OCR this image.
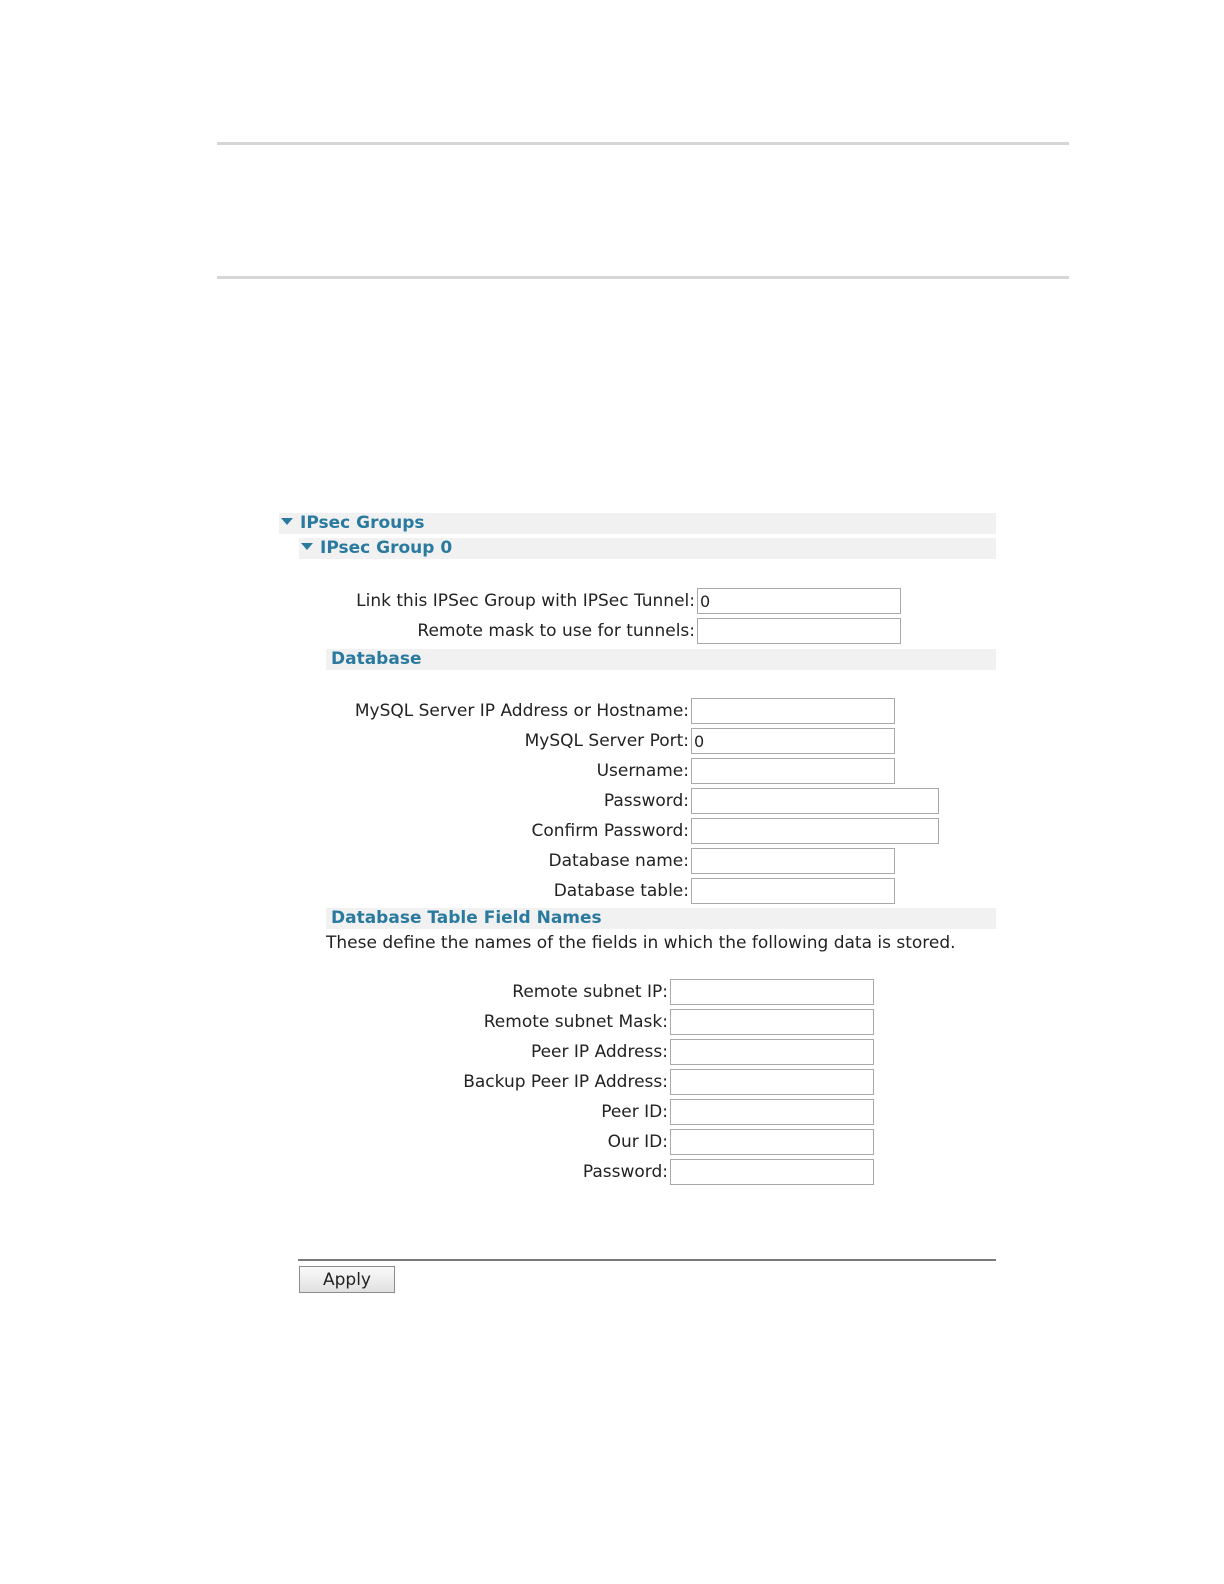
IPsec Groups
IPsec Group 0
Link this IPSec Group with IPSec Tunnel:
0
Remote mask to use for tunnels:
Database
MySQL Server IP Address or Hostname:
MySQL Server Port:
0
Username:
Password:
Confirm Password:
Database name:
Database table:
Database Table Field Names
These define the names of the fields in which the following data is stored.
Remote subnet IP:
Remote subnet Mask:
Peer IP Address:
Backup Peer IP Address:
Peer ID:
Our ID:
Password:
Apply
